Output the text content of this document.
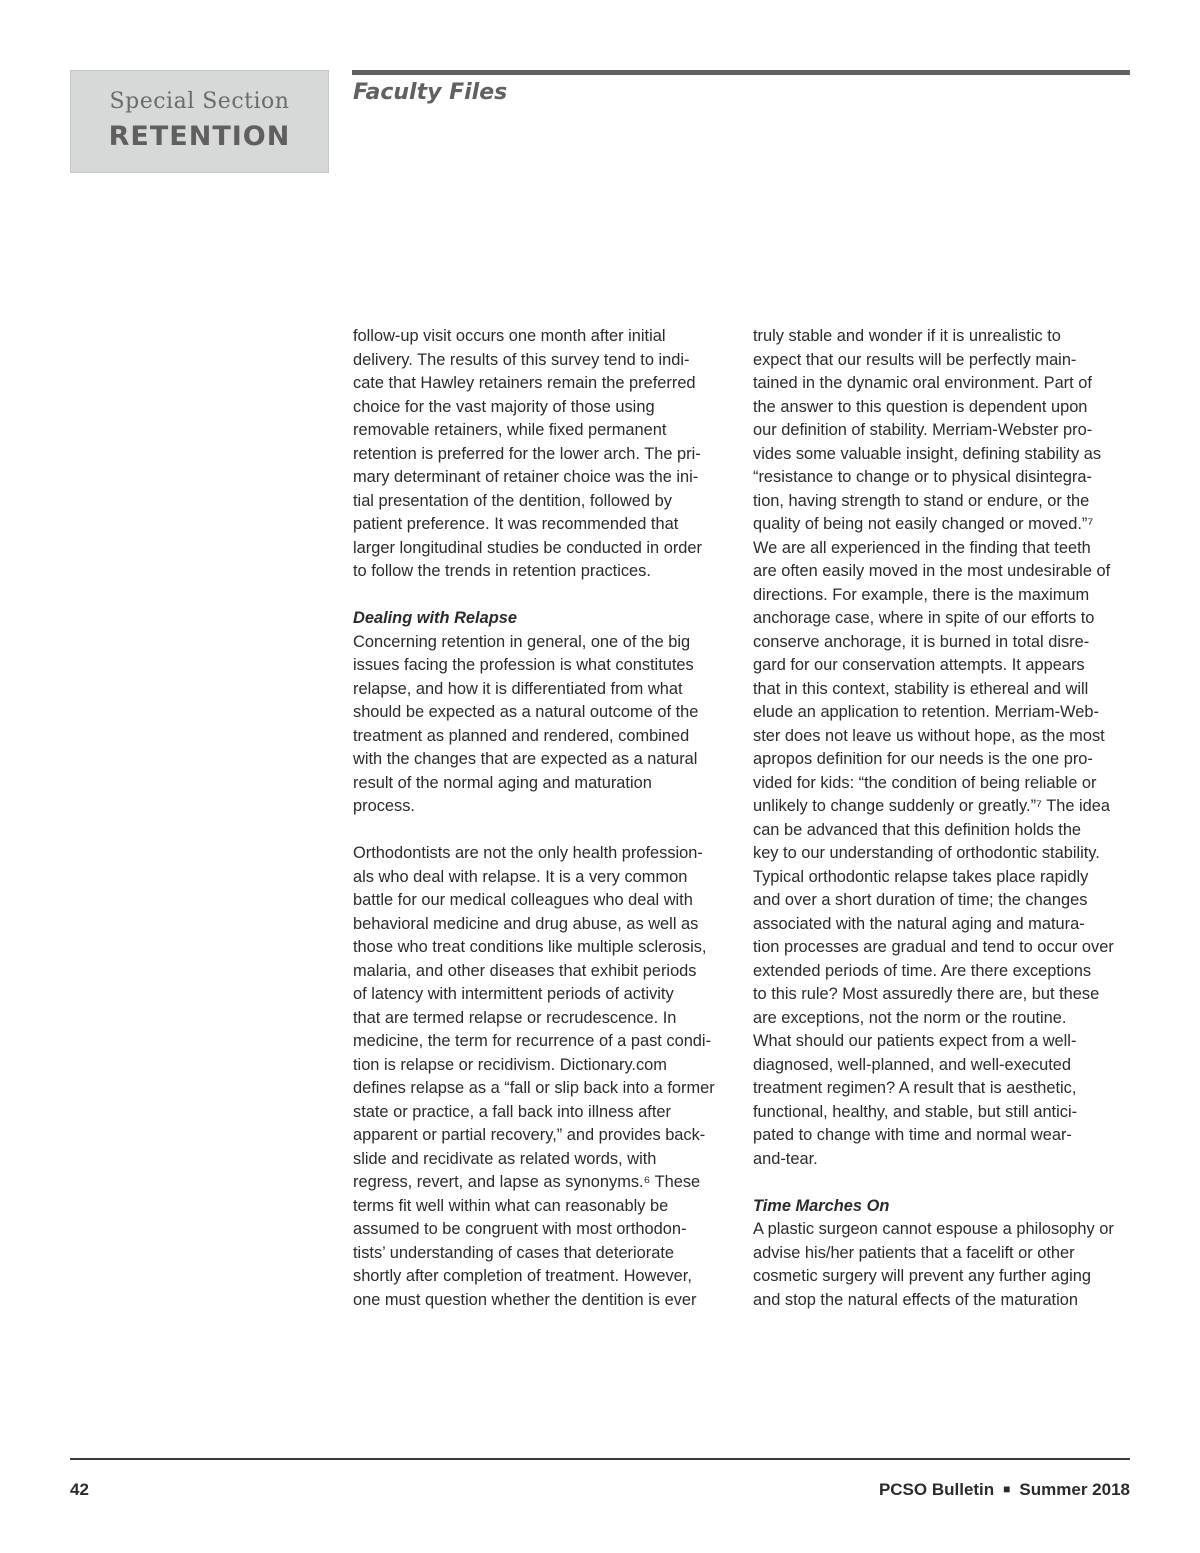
Special Section
RETENTION
Faculty Files

follow-up visit occurs one month after initial
delivery. The results of this survey tend to indi-
cate that Hawley retainers remain the preferred
choice for the vast majority of those using
removable retainers, while fixed permanent
retention is preferred for the lower arch. The pri-
mary determinant of retainer choice was the ini-
tial presentation of the dentition, followed by
patient preference. It was recommended that
larger longitudinal studies be conducted in order
to follow the trends in retention practices.

Dealing with Relapse
Concerning retention in general, one of the big
issues facing the profession is what constitutes
relapse, and how it is differentiated from what
should be expected as a natural outcome of the
treatment as planned and rendered, combined
with the changes that are expected as a natural
result of the normal aging and maturation
process.

Orthodontists are not the only health profession-
als who deal with relapse. It is a very common
battle for our medical colleagues who deal with
behavioral medicine and drug abuse, as well as
those who treat conditions like multiple sclerosis,
malaria, and other diseases that exhibit periods
of latency with intermittent periods of activity
that are termed relapse or recrudescence. In
medicine, the term for recurrence of a past condi-
tion is relapse or recidivism. Dictionary.com
defines relapse as a “fall or slip back into a former
state or practice, a fall back into illness after
apparent or partial recovery,” and provides back-
slide and recidivate as related words, with
regress, revert, and lapse as synonyms.⁶ These
terms fit well within what can reasonably be
assumed to be congruent with most orthodon-
tists’ understanding of cases that deteriorate
shortly after completion of treatment. However,
one must question whether the dentition is ever

truly stable and wonder if it is unrealistic to
expect that our results will be perfectly main-
tained in the dynamic oral environment. Part of
the answer to this question is dependent upon
our definition of stability. Merriam-Webster pro-
vides some valuable insight, defining stability as
“resistance to change or to physical disintegra-
tion, having strength to stand or endure, or the
quality of being not easily changed or moved.”⁷
We are all experienced in the finding that teeth
are often easily moved in the most undesirable of
directions. For example, there is the maximum
anchorage case, where in spite of our efforts to
conserve anchorage, it is burned in total disre-
gard for our conservation attempts. It appears
that in this context, stability is ethereal and will
elude an application to retention. Merriam-Web-
ster does not leave us without hope, as the most
apropos definition for our needs is the one pro-
vided for kids: “the condition of being reliable or
unlikely to change suddenly or greatly.”⁷ The idea
can be advanced that this definition holds the
key to our understanding of orthodontic stability.
Typical orthodontic relapse takes place rapidly
and over a short duration of time; the changes
associated with the natural aging and matura-
tion processes are gradual and tend to occur over
extended periods of time. Are there exceptions
to this rule? Most assuredly there are, but these
are exceptions, not the norm or the routine.
What should our patients expect from a well-
diagnosed, well-planned, and well-executed
treatment regimen? A result that is aesthetic,
functional, healthy, and stable, but still antici-
pated to change with time and normal wear-
and-tear.

Time Marches On
A plastic surgeon cannot espouse a philosophy or
advise his/her patients that a facelift or other
cosmetic surgery will prevent any further aging
and stop the natural effects of the maturation

42	PCSO Bulletin ■ Summer 2018
